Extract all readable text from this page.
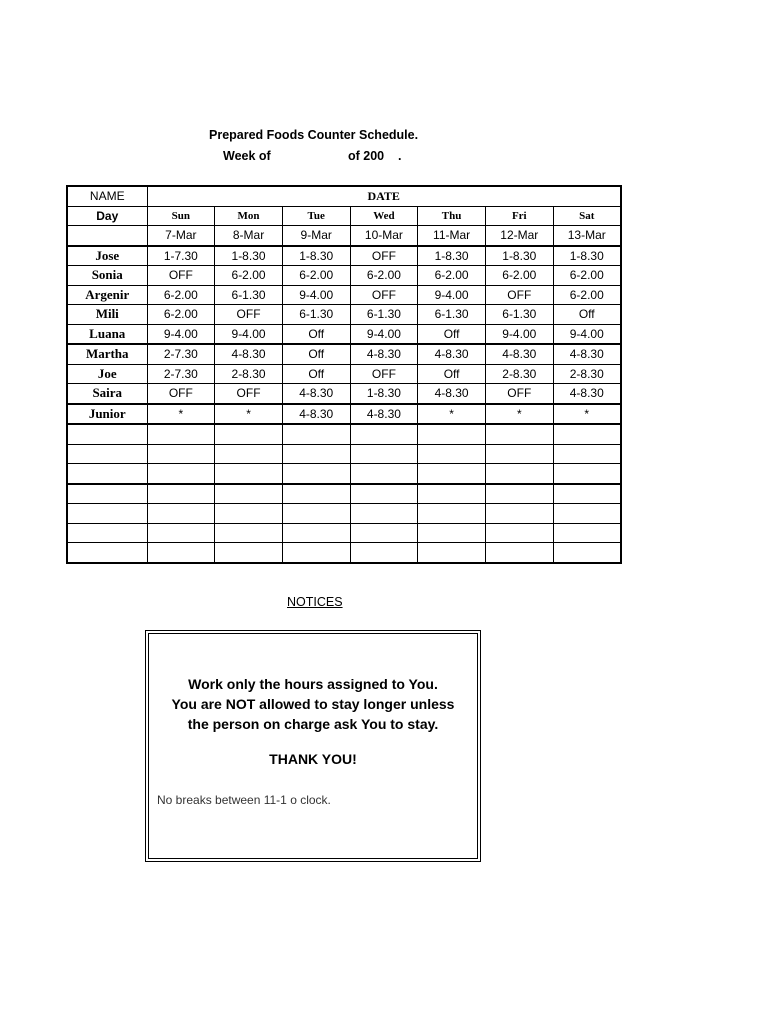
Prepared Foods Counter Schedule.
Week of	of 200 .
NAME	DATE						
Day	Sun	Mon	Tue	Wed	Thu	Fri	Sat
	7-Mar	8-Mar	9-Mar	10-Mar	11-Mar	12-Mar	13-Mar
Jose	1-7.30	1-8.30	1-8.30	OFF	1-8.30	1-8.30	1-8.30
Sonia	OFF	6-2.00	6-2.00	6-2.00	6-2.00	6-2.00	6-2.00
Argenir	6-2.00	6-1.30	9-4.00	OFF	9-4.00	OFF	6-2.00
Mili	6-2.00	OFF	6-1.30	6-1.30	6-1.30	6-1.30	Off
Luana	9-4.00	9-4.00	Off	9-4.00	Off	9-4.00	9-4.00
Martha	2-7.30	4-8.30	Off	4-8.30	4-8.30	4-8.30	4-8.30
Joe	2-7.30	2-8.30	Off	OFF	Off	2-8.30	2-8.30
Saira	OFF	OFF	4-8.30	1-8.30	4-8.30	OFF	4-8.30
Junior	*	*	4-8.30	4-8.30	*	*	*

NOTICES
Work only the hours assigned to You.
You are NOT allowed to stay longer unless
the person on charge ask You to stay.
THANK YOU!
No breaks between 11-1 o clock.
